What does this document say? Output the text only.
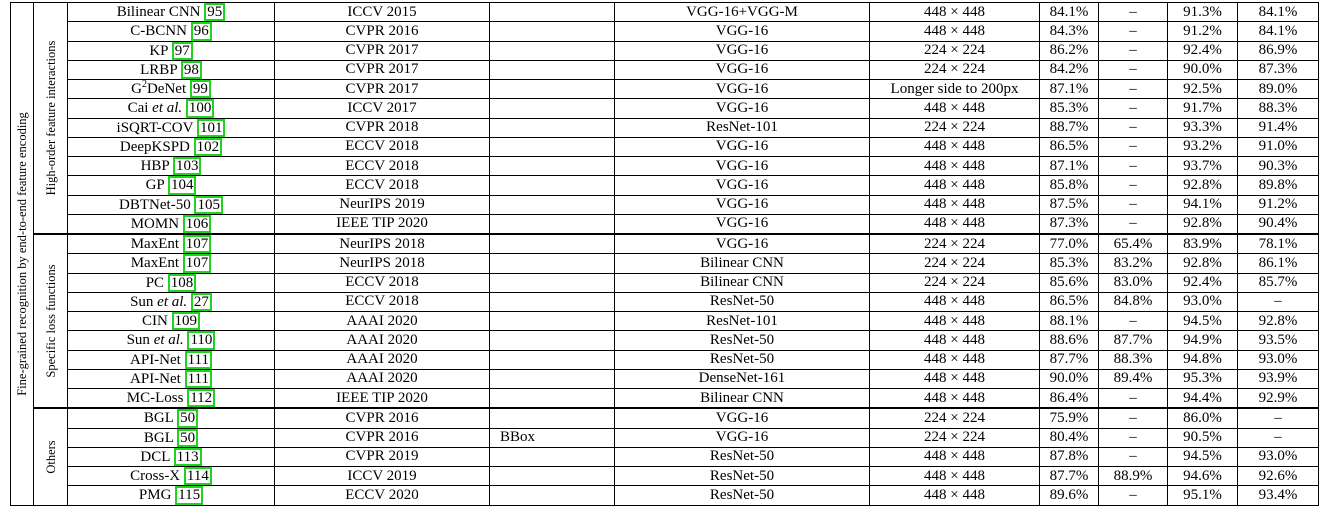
Fine-grained recognition by end-to-end feature encoding	High-order feature interactions	Bilinear CNN 95	ICCV 2015		VGG-16+VGG-M	448 × 448	84.1%	–	91.3%	84.1%
		C-BCNN 96	CVPR 2016		VGG-16	448 × 448	84.3%	–	91.2%	84.1%
		KP 97	CVPR 2017		VGG-16	224 × 224	86.2%	–	92.4%	86.9%
		LRBP 98	CVPR 2017		VGG-16	224 × 224	84.2%	–	90.0%	87.3%
		$G^2DeNet$ 99	CVPR 2017		VGG-16	Longer side to 200px	87.1%	–	92.5%	89.0%
		Cai et al. 100	ICCV 2017		VGG-16	448 × 448	85.3%	–	91.7%	88.3%
		iSQRT-COV 101	CVPR 2018		ResNet-101	224 × 224	88.7%	–	93.3%	91.4%
		DeepKSPD 102	ECCV 2018		VGG-16	448 × 448	86.5%	–	93.2%	91.0%
		HBP 103	ECCV 2018		VGG-16	448 × 448	87.1%	–	93.7%	90.3%
		GP 104	ECCV 2018		VGG-16	448 × 448	85.8%	–	92.8%	89.8%
		DBTNet-50 105	NeurIPS 2019		VGG-16	448 × 448	87.5%	–	94.1%	91.2%
		MOMN 106	IEEE TIP 2020		VGG-16	448 × 448	87.3%	–	92.8%	90.4%

	Specific loss functions	MaxEnt 107	NeurIPS 2018		VGG-16	224 × 224	77.0%	65.4%	83.9%	78.1%
		MaxEnt 107	NeurIPS 2018		Bilinear CNN	224 × 224	85.3%	83.2%	92.8%	86.1%
		PC 108	ECCV 2018		Bilinear CNN	224 × 224	85.6%	83.0%	92.4%	85.7%
		Sun et al. 27	ECCV 2018		ResNet-50	448 × 448	86.5%	84.8%	93.0%	–
		CIN 109	AAAI 2020		ResNet-101	448 × 448	88.1%	–	94.5%	92.8%
		Sun et al. 110	AAAI 2020		ResNet-50	448 × 448	88.6%	87.7%	94.9%	93.5%
		API-Net 111	AAAI 2020		ResNet-50	448 × 448	87.7%	88.3%	94.8%	93.0%
		API-Net 111	AAAI 2020		DenseNet-161	448 × 448	90.0%	89.4%	95.3%	93.9%
		MC-Loss 112	IEEE TIP 2020		Bilinear CNN	448 × 448	86.4%	–	94.4%	92.9%

	Others	BGL 50	CVPR 2016		VGG-16	224 × 224	75.9%	–	86.0%	–
		BGL 50	CVPR 2016	BBox	VGG-16	224 × 224	80.4%	–	90.5%	–
		DCL 113	CVPR 2019		ResNet-50	448 × 448	87.8%	–	94.5%	93.0%
		Cross-X 114	ICCV 2019		ResNet-50	448 × 448	87.7%	88.9%	94.6%	92.6%
		PMG 115	ECCV 2020		ResNet-50	448 × 448	89.6%	–	95.1%	93.4%
